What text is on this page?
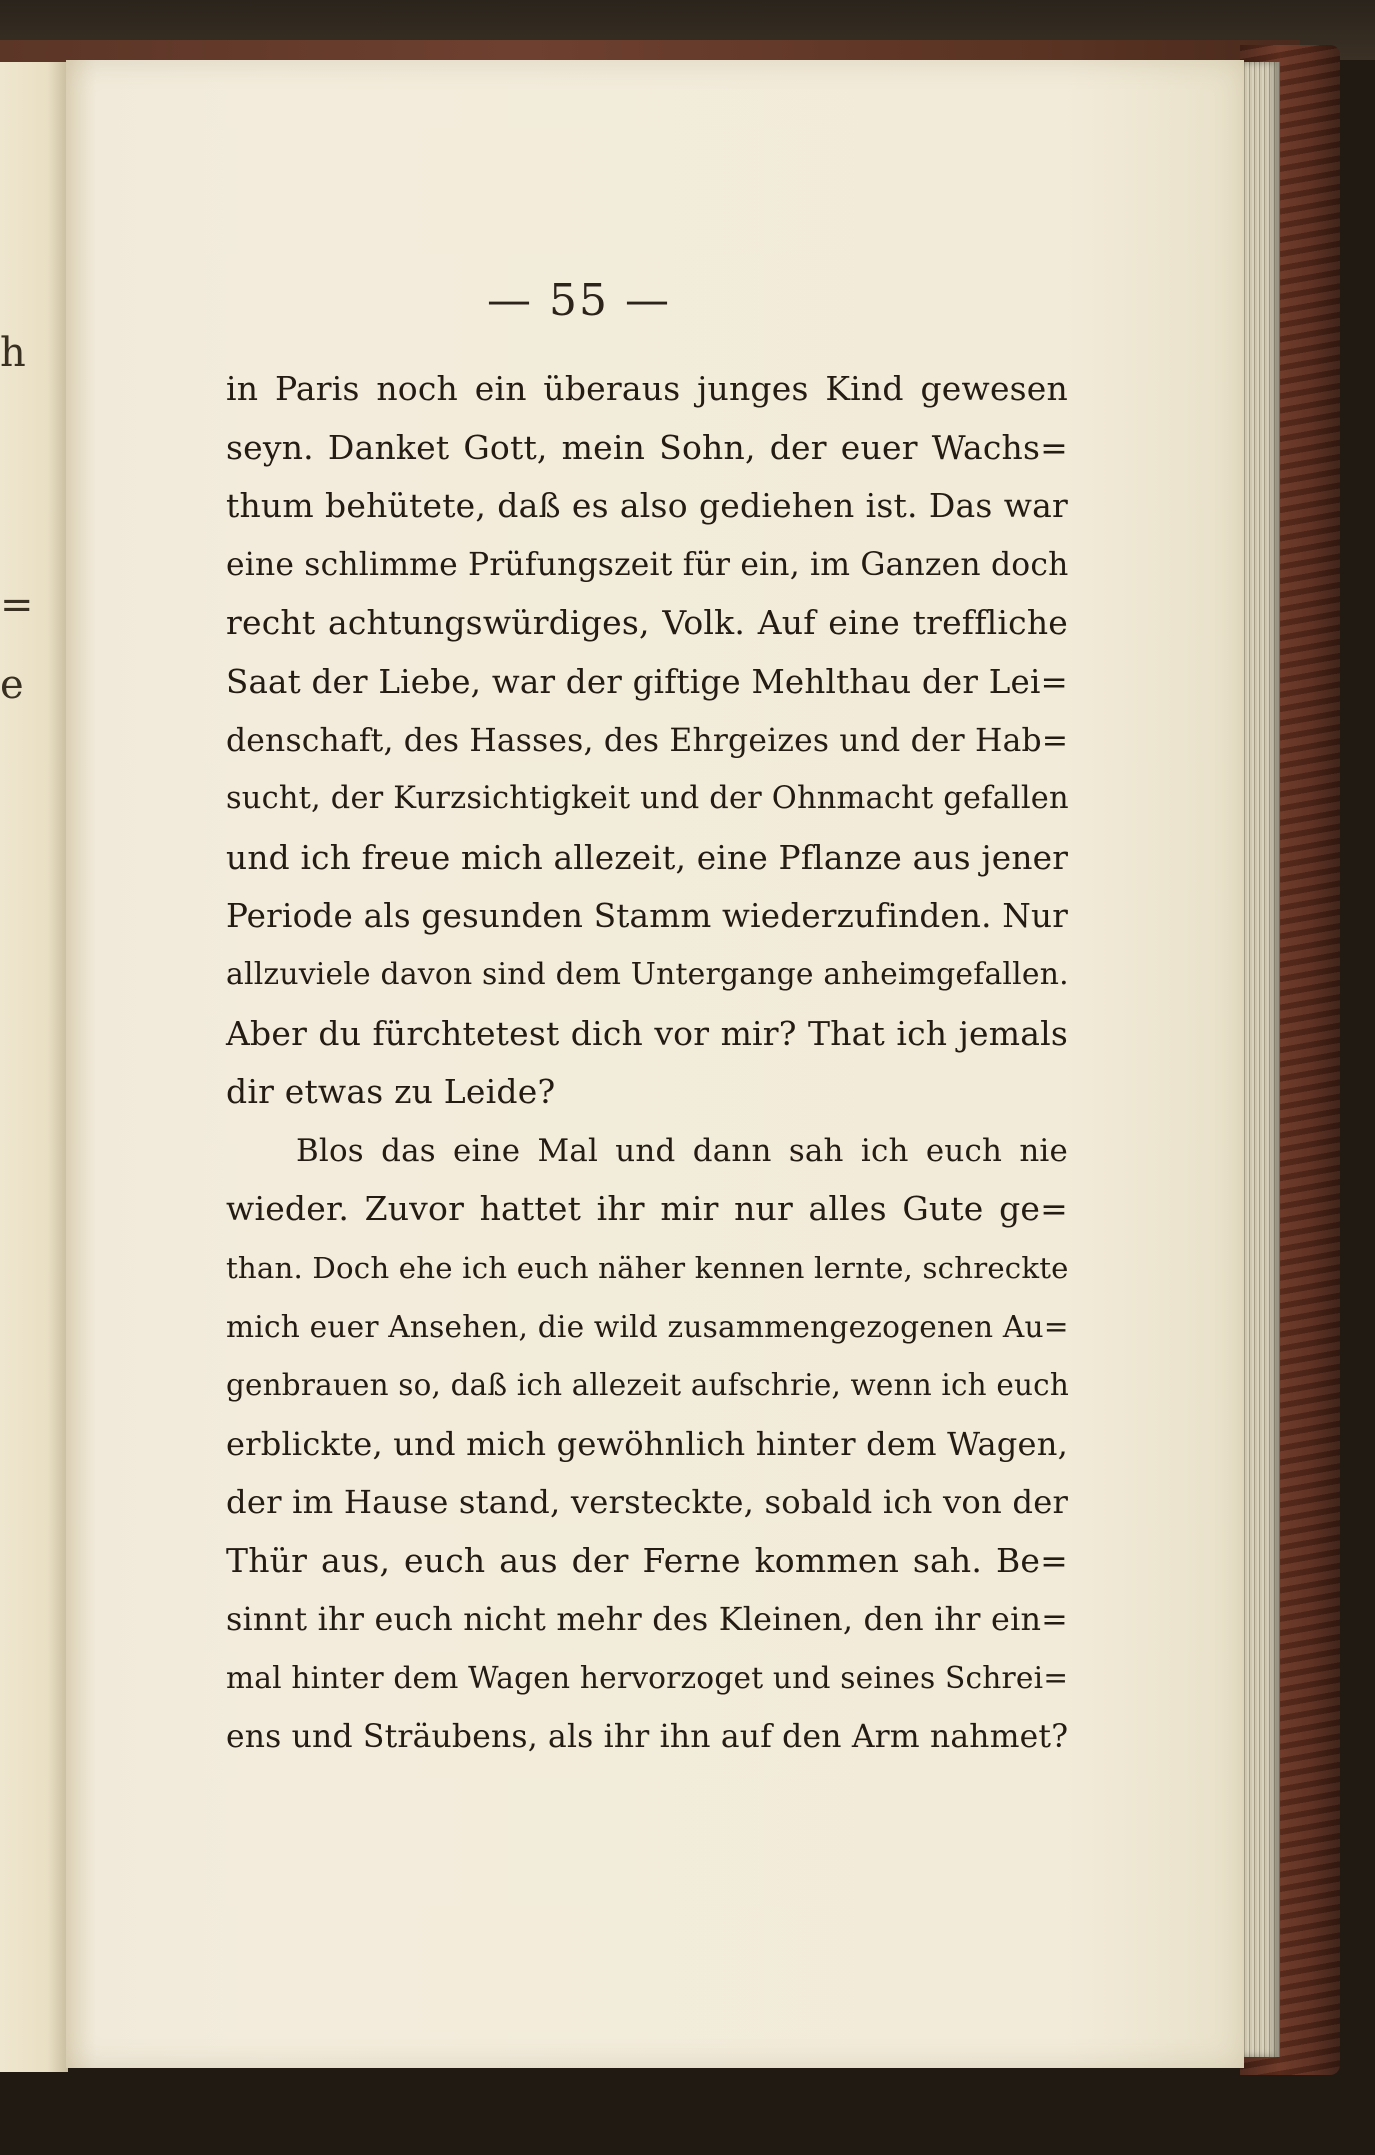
h
=
e
— 55 —
in Paris noch ein überaus junges Kind gewesen
seyn. Danket Gott, mein Sohn, der euer Wachs=
thum behütete, daß es also gediehen ist. Das war
eine schlimme Prüfungszeit für ein, im Ganzen doch
recht achtungswürdiges, Volk. Auf eine treffliche
Saat der Liebe, war der giftige Mehlthau der Lei=
denschaft, des Hasses, des Ehrgeizes und der Hab=
sucht, der Kurzsichtigkeit und der Ohnmacht gefallen
und ich freue mich allezeit, eine Pflanze aus jener
Periode als gesunden Stamm wiederzufinden. Nur
allzuviele davon sind dem Untergange anheimgefallen.
Aber du fürchtetest dich vor mir? That ich jemals
dir etwas zu Leide?
Blos das eine Mal und dann sah ich euch nie
wieder. Zuvor hattet ihr mir nur alles Gute ge=
than. Doch ehe ich euch näher kennen lernte, schreckte
mich euer Ansehen, die wild zusammengezogenen Au=
genbrauen so, daß ich allezeit aufschrie, wenn ich euch
erblickte, und mich gewöhnlich hinter dem Wagen,
der im Hause stand, versteckte, sobald ich von der
Thür aus, euch aus der Ferne kommen sah. Be=
sinnt ihr euch nicht mehr des Kleinen, den ihr ein=
mal hinter dem Wagen hervorzoget und seines Schrei=
ens und Sträubens, als ihr ihn auf den Arm nahmet?
